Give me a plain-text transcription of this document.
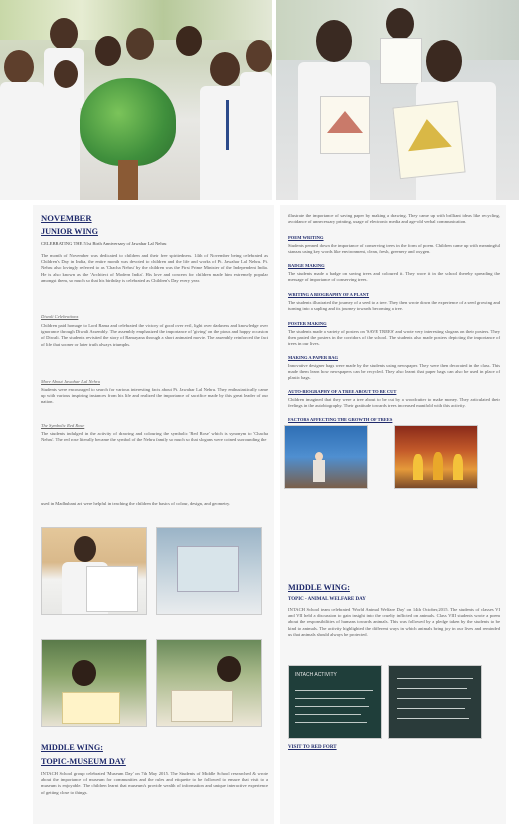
NOVEMBER
JUNIOR WING
CELEBRATING THE 51st Birth Anniversary of Jawahar Lal Nehru
The month of November was dedicated to children and their free spiritedness. 14th of November being celebrated as Children's Day in India, the entire month was devoted to children and the life and works of Pt. Jawahar Lal Nehru. Pt. Nehru also lovingly referred to as 'Chacha Nehru' by the children was the First Prime Minister of the Independent India. He is also known as the 'Architect of Modern India'. His love and concern for children made him extremely popular amongst them, so much so that his birthday is celebrated as Children's Day every year.
Diwali Celebrations
Children paid homage to Lord Rama and celebrated the victory of good over evil, light over darkness and knowledge over ignorance through Diwali Assembly. The assembly emphasized the importance of 'giving' on the pious and happy occasion of Diwali. The students revisited the story of Ramayana through a short animated movie. The assembly reinforced the fact of life that sooner or later truth always triumphs.
More About Jawahar Lal Nehru
Students were encouraged to search for various interesting facts about Pt. Jawahar Lal Nehru. They enthusiastically came up with various inspiring instances from his life and realized the importance of sacrifice made by this great leader of our nation.
The Symbolic Red Rose
The students indulged in the activity of drawing and colouring the symbolic 'Red Rose' which is synonym to 'Chacha Nehru'. The red rose literally became the symbol of the Nehru family so much so that slogans were coined surrounding the
used in Madhubani art were helpful in teaching the children the basics of colour, design, and geometry.
MIDDLE WING:
TOPIC-MUSEUM DAY
INTACH School group celebrated 'Museum Day' on 7th May 2015. The Students of Middle School researched & wrote about the importance of museum for communities and the rules and etiquette to be followed to ensure that visit to a museum is enjoyable. The children learnt that museum's provide wealth of information and unique interactive experience of getting close to things.
illustrate the importance of saving paper by making a drawing. They came up with brilliant ideas like recycling, avoidance of unnecessary printing, usage of electronic media and age-old verbal communication.
POEM WRITING
Students penned down the importance of conserving trees in the form of poem. Children came up with meaningful stanzas using key words like environment, clean, fresh, greenery and oxygen.
BADGE MAKING
The students made a badge on saving trees and coloured it. They wore it in the school thereby spreading the message of importance of conserving trees.
WRITING A BIOGRAPHY OF A PLANT
The students illustrated the journey of a seed to a tree. They then wrote down the experience of a seed growing and turning into a sapling and its journey towards becoming a tree.
POSTER MAKING
The students made a variety of posters on 'SAVE TREES' and wrote very interesting slogans on their posters. They then pasted the posters in the corridors of the school. The students also made posters depicting the importance of trees in our lives.
MAKING A PAPER BAG
Innovative designer bags were made by the students using newspaper. They were then decorated in the class. This made them learn how newspapers can be recycled. They also learnt that paper bags can also be used in place of plastic bags.
AUTO-BIOGRAPHY OF A TREE ABOUT TO BE CUT
Children imagined that they were a tree about to be cut by a woodcutter to make money. They articulated their feelings in the autobiography. Their gratitude towards trees increased manifold with this activity.
FACTORS AFFECTING THE GROWTH OF TREES
MIDDLE WING:
TOPIC - ANIMAL WELFARE DAY
INTACH School team celebrated 'World Animal Welfare Day' on 14th October,2015. The students of classes VI and VII held a discussion to gain insight into the cruelty inflicted on animals. Class VIII students wrote a poem about the responsibilities of humans towards animals. This was followed by a pledge taken by the students to be kind to animals. The activity highlighted the different ways in which animals bring joy in our lives and reminded us that animals should always be protected.
INTACH ACTIVITY
VISIT TO RED FORT
